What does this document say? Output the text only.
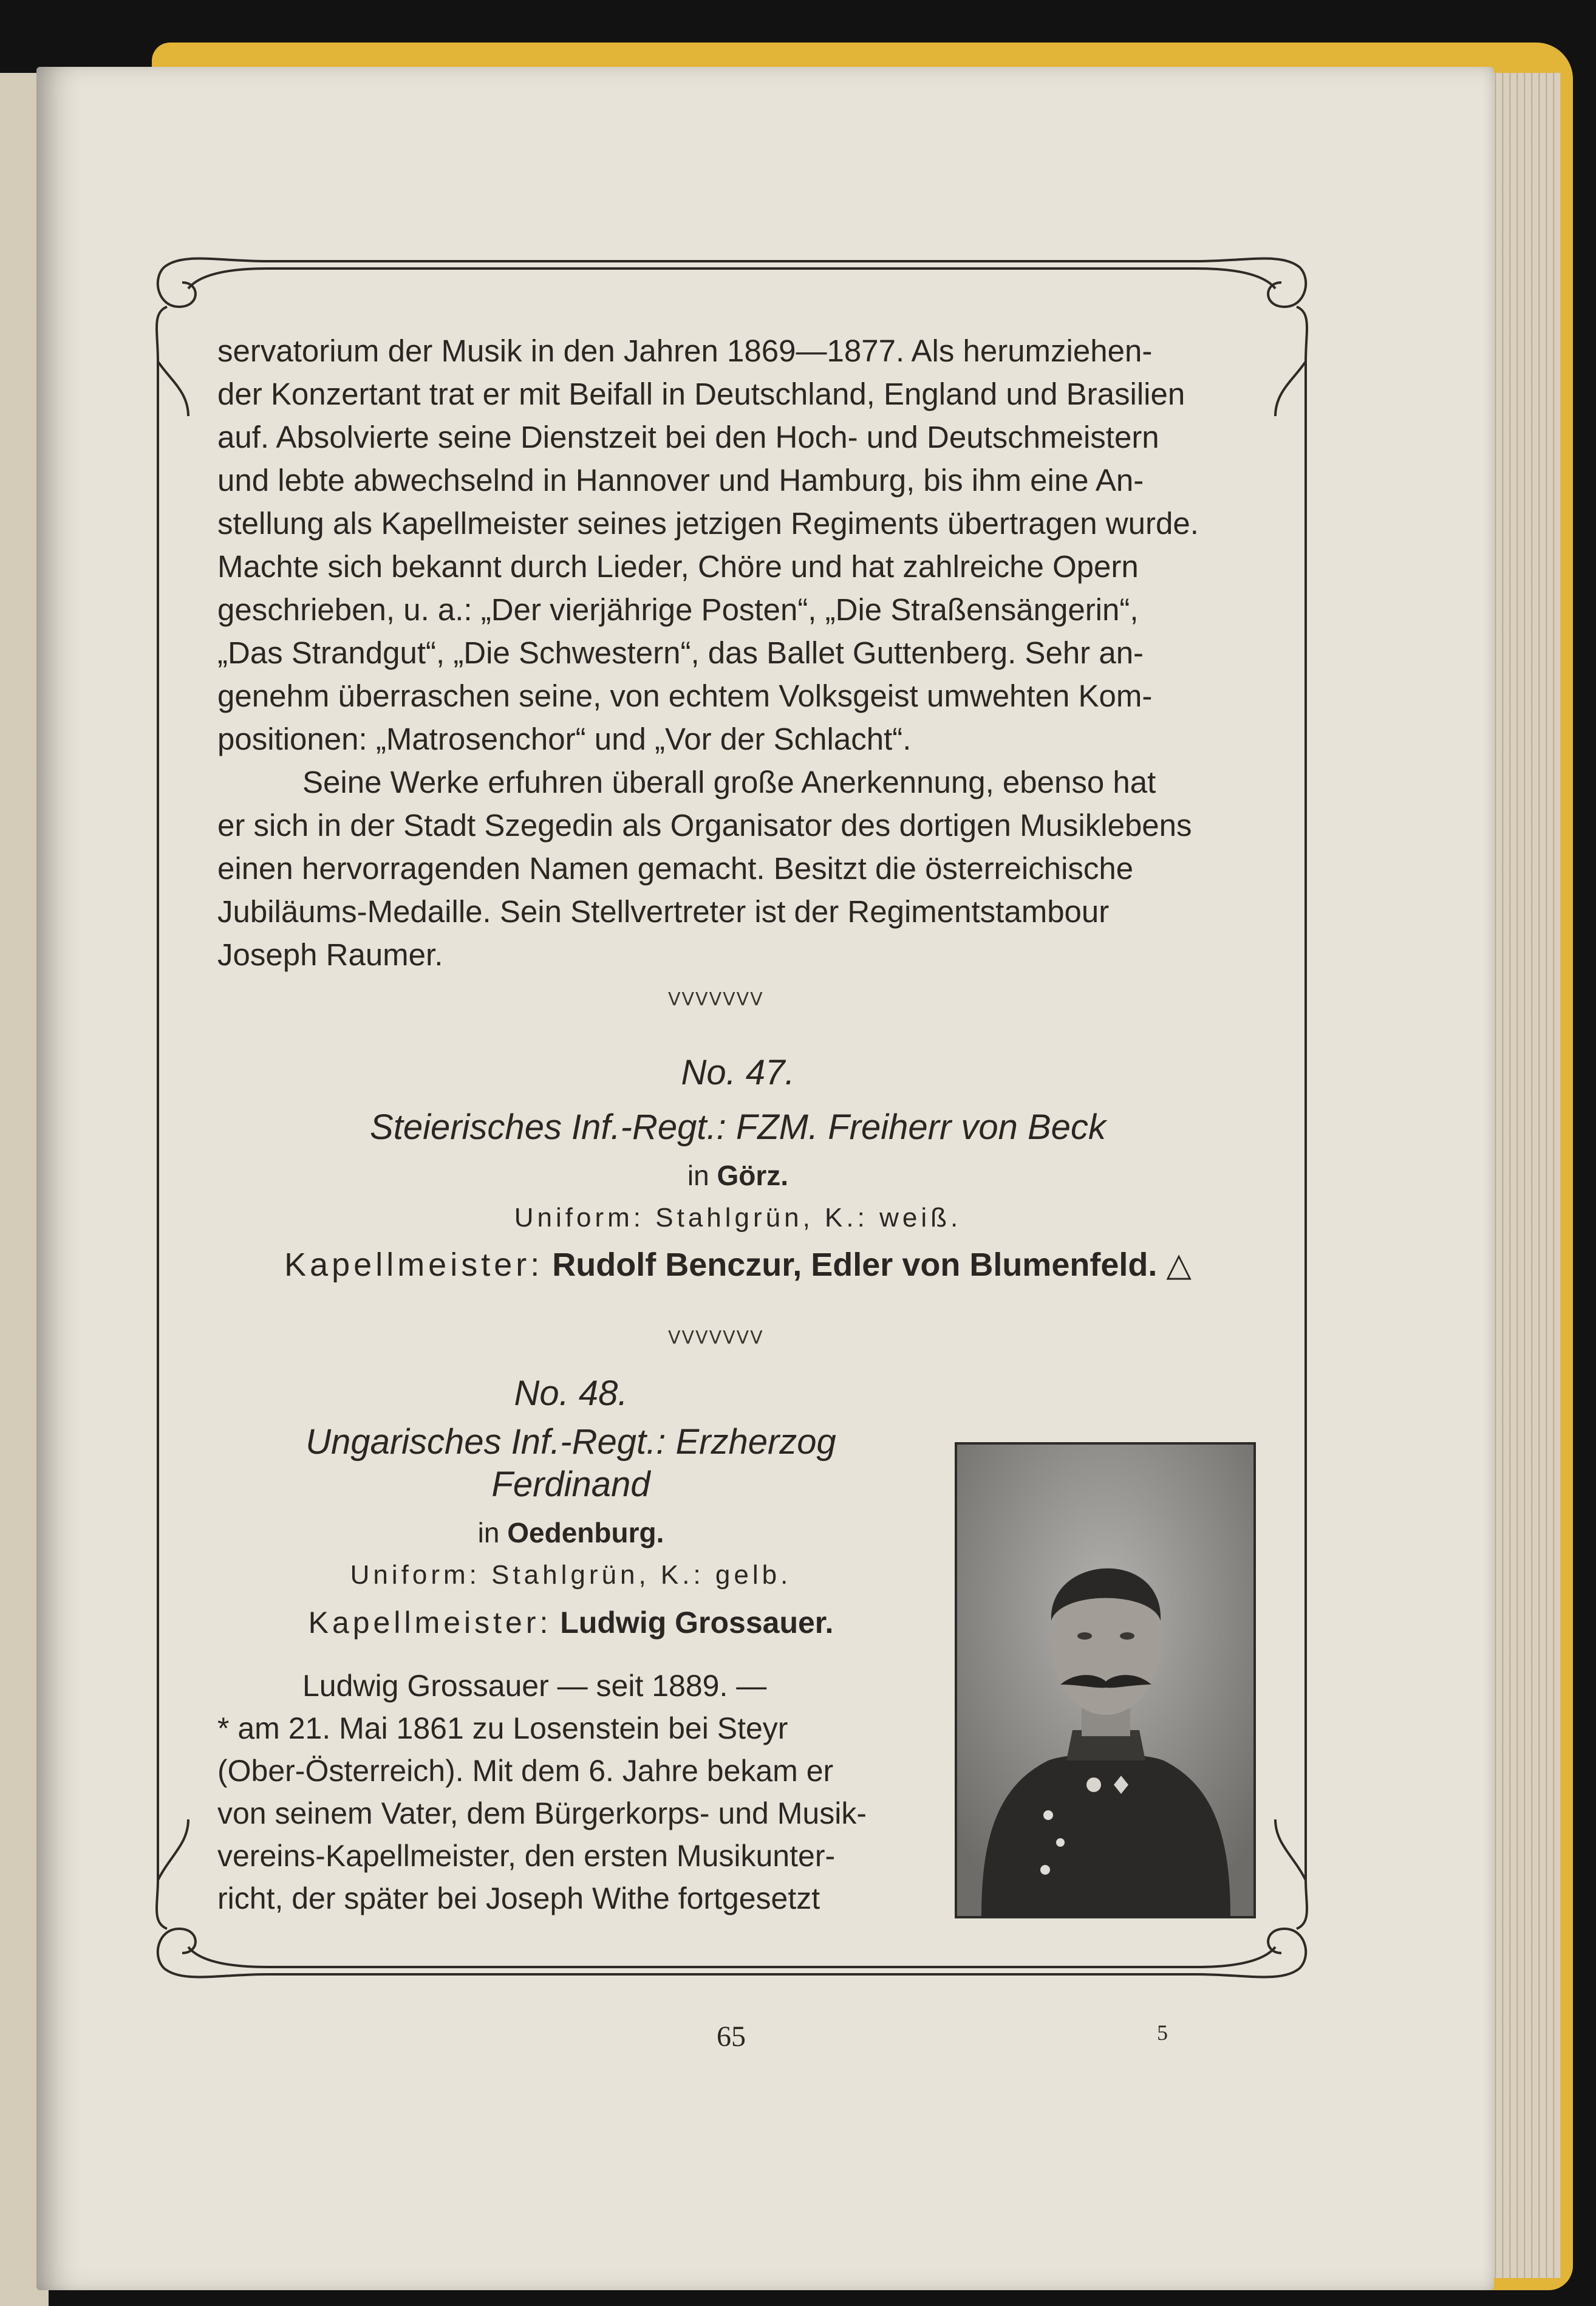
servatorium der Musik in den Jahren 1869—1877. Als herumziehen-

der Konzertant trat er mit Beifall in Deutschland, England und Brasilien

auf. Absolvierte seine Dienstzeit bei den Hoch- und Deutschmeistern

und lebte abwechselnd in Hannover und Hamburg, bis ihm eine An-

stellung als Kapellmeister seines jetzigen Regiments übertragen wurde.

Machte sich bekannt durch Lieder, Chöre und hat zahlreiche Opern

geschrieben, u. a.: „Der vierjährige Posten“, „Die Straßensängerin“,

„Das Strandgut“, „Die Schwestern“, das Ballet Guttenberg. Sehr an-

genehm überraschen seine, von echtem Volksgeist umwehten Kom-

positionen: „Matrosenchor“ und „Vor der Schlacht“.

Seine Werke erfuhren überall große Anerkennung, ebenso hat

er sich in der Stadt Szegedin als Organisator des dortigen Musiklebens

einen hervorragenden Namen gemacht. Besitzt die österreichische

Jubiläums-Medaille. Sein Stellvertreter ist der Regimentstambour

Joseph Raumer.

ᐯᐯᐯᐯᐯᐯᐯ
No. 47.
Steierisches Inf.-Regt.: FZM. Freiherr von Beck
in Görz.
Uniform: Stahlgrün, K.: weiß.
Kapellmeister: Rudolf Benczur, Edler von Blumenfeld. △
ᐯᐯᐯᐯᐯᐯᐯ
No. 48.
Ungarisches Inf.-Regt.: Erzherzog
Ferdinand
in Oedenburg.
Uniform: Stahlgrün, K.: gelb.
Kapellmeister: Ludwig Grossauer.

Ludwig Grossauer — seit 1889. —

* am 21. Mai 1861 zu Losenstein bei Steyr

(Ober-Österreich). Mit dem 6. Jahre bekam er

von seinem Vater, dem Bürgerkorps- und Musik-

vereins-Kapellmeister, den ersten Musikunter-

richt, der später bei Joseph Withe fortgesetzt

65	5
